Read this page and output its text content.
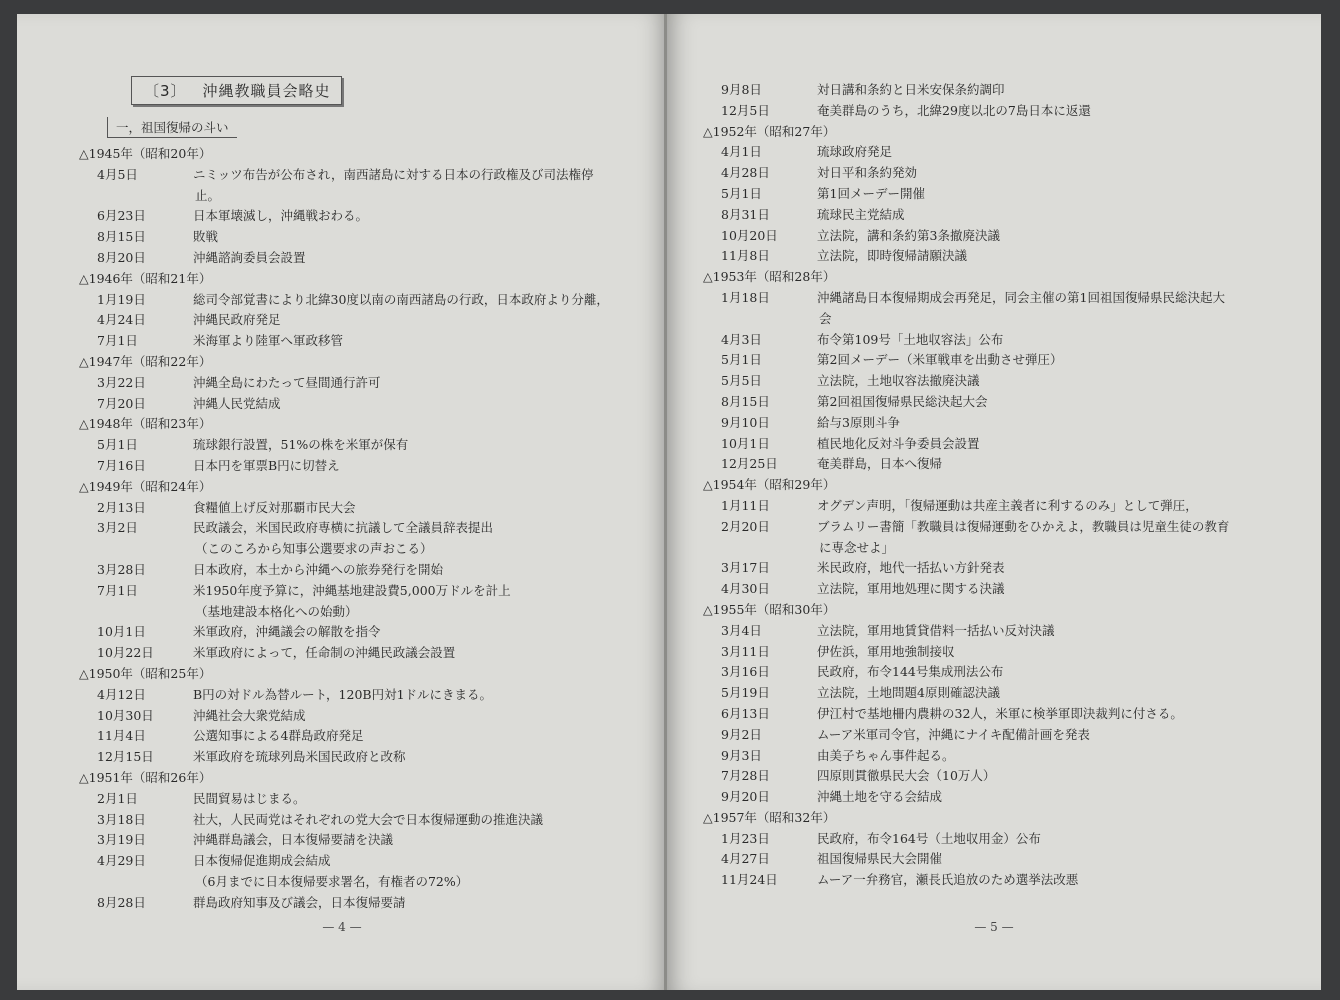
〔3〕 沖縄教職員会略史
一，祖国復帰の斗い
△1945年（昭和20年）
4月5日	ニミッツ布告が公布され，南西諸島に対する日本の行政権及び司法権停
止。
6月23日	日本軍壊滅し，沖縄戦おわる。
8月15日	敗戦
8月20日	沖縄諮詢委員会設置
△1946年（昭和21年）
1月19日	総司令部覚書により北緯30度以南の南西諸島の行政，日本政府より分離，
4月24日	沖縄民政府発足
7月1日	米海軍より陸軍へ軍政移管
△1947年（昭和22年）
3月22日	沖縄全島にわたって昼間通行許可
7月20日	沖縄人民党結成
△1948年（昭和23年）
5月1日	琉球銀行設置，51%の株を米軍が保有
7月16日	日本円を軍票B円に切替え
△1949年（昭和24年）
2月13日	食糧値上げ反対那覇市民大会
3月2日	民政議会，米国民政府専横に抗議して全議員辞表提出
（このころから知事公選要求の声おこる）
3月28日	日本政府，本土から沖縄への旅券発行を開始
7月1日	米1950年度予算に，沖縄基地建設費5,000万ドルを計上
（基地建設本格化への始動）
10月1日	米軍政府，沖縄議会の解散を指令
10月22日	米軍政府によって，任命制の沖縄民政議会設置
△1950年（昭和25年）
4月12日	B円の対ドル為替ルート，120B円対1ドルにきまる。
10月30日	沖縄社会大衆党結成
11月4日	公選知事による4群島政府発足
12月15日	米軍政府を琉球列島米国民政府と改称
△1951年（昭和26年）
2月1日	民間貿易はじまる。
3月18日	社大，人民両党はそれぞれの党大会で日本復帰運動の推進決議
3月19日	沖縄群島議会，日本復帰要請を決議
4月29日	日本復帰促進期成会結成
（6月までに日本復帰要求署名，有権者の72%）
8月28日	群島政府知事及び議会，日本復帰要請
— 4 —
9月8日	対日講和条約と日米安保条約調印
12月5日	奄美群島のうち，北緯29度以北の7島日本に返還
△1952年（昭和27年）
4月1日	琉球政府発足
4月28日	対日平和条約発効
5月1日	第1回メーデー開催
8月31日	琉球民主党結成
10月20日	立法院，講和条約第3条撤廃決議
11月8日	立法院，即時復帰請願決議
△1953年（昭和28年）
1月18日	沖縄諸島日本復帰期成会再発足，同会主催の第1回祖国復帰県民総決起大
会
4月3日	布令第109号「土地収容法」公布
5月1日	第2回メーデー（米軍戦車を出動させ弾圧）
5月5日	立法院，土地収容法撤廃決議
8月15日	第2回祖国復帰県民総決起大会
9月10日	給与3原則斗争
10月1日	植民地化反対斗争委員会設置
12月25日	奄美群島，日本へ復帰
△1954年（昭和29年）
1月11日	オグデン声明，「復帰運動は共産主義者に利するのみ」として弾圧，
2月20日	ブラムリー書簡「教職員は復帰運動をひかえよ，教職員は児童生徒の教育
に専念せよ」
3月17日	米民政府，地代一括払い方針発表
4月30日	立法院，軍用地処理に関する決議
△1955年（昭和30年）
3月4日	立法院，軍用地賃貸借料一括払い反対決議
3月11日	伊佐浜，軍用地強制接収
3月16日	民政府，布令144号集成刑法公布
5月19日	立法院，土地問題4原則確認決議
6月13日	伊江村で基地柵内農耕の32人，米軍に検挙軍即決裁判に付さる。
9月2日	ムーア米軍司令官，沖縄にナイキ配備計画を発表
9月3日	由美子ちゃん事件起る。
7月28日	四原則貫徹県民大会（10万人）
9月20日	沖縄土地を守る会結成
△1957年（昭和32年）
1月23日	民政府，布令164号（土地収用金）公布
4月27日	祖国復帰県民大会開催
11月24日	ムーア一弁務官，瀬長氏追放のため選挙法改悪
— 5 —
